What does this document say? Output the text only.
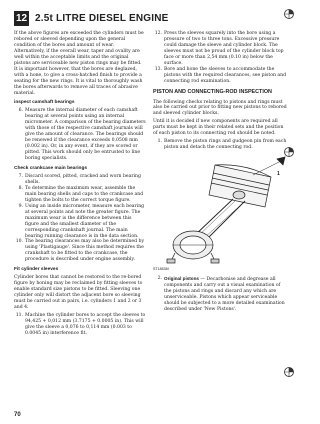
12 2.5t LITRE DIESEL ENGINE

If the above figures are exceeded the cylinders must be rebored or sleeved depending upon the general condition of the bores and amount of wear. Alternatively, if the overall wear, taper and ovality are well within the acceptable limits and the original pistons are serviceable new piston rings may be fitted. It is important however, that the bores are deglazed, with a hone, to give a cross-hatched finish to provide a seating for the new rings. It is vital to thoroughly wash the bores afterwards to remove all traces of abrasive material.

inspect camshaft bearings
6. Measure the internal diameter of each camshaft bearing at several points using an internal micrometer. A comparison of the bearing diameters with those of the respective camshaft journals will give the amount of clearance. The bearings should be renewed if the clearance exceeds 0,0508 mm (0.002 in). Or, in any event, if they are scored or pitted. This work should only be entrusted to line boring specialists.
Check crankcase main bearings
7. Discard scored, pitted, cracked and worn bearing shells.
8. To determine the maximum wear, assemble the main bearing shells and caps to the crankcase and tighten the bolts to the correct torque figure.
9. Using an inside micrometer, measure each bearing at several points and note the greater figure. The maximum wear is the difference between this figure and the smallest diameter of the corresponding crankshaft journal. The main bearing running clearance is in the data section.
10. The bearing clearances may also be determined by using 'Plastigauge'. Since this method requires the crankshaft to be fitted to the crankcase, the procedure is described under engine assembly.
Fit cylinder sleeves

Cylinder bores that cannot be restored to the re-bored figure by honing may be reclaimed by fitting sleeves to enable standard size pistons to be fitted. Sleeving one cylinder only will distort the adjacent bore so sleeving must be carried out in pairs, i.e. cylinders 1 and 2 or 3 and 4.

11. Machine the cylinder bores to accept the sleeves to 94,425 + 0,012 mm (3.7175 + 0.0005 in). This will give the sleeve a 0,076 to 0,114 mm (0.003 to 0.0045 in) interference fit.
12. Press the sleeves squarely into the bore using a pressure of two to three tons. Excessive pressure could damage the sleeve and cylinder block. The sleeves must not be proud of the cylinder block top face or more than 2,54 mm (0.10 in) below the surface.
13. Bore and hone the sleeves to accommodate the pistons with the required clearances, see piston and connecting rod examination.
PISTON AND CONNECTING-ROD INSPECTION

The following checks relating to pistons and rings must also be carried out prior to fitting new pistons to rebored and sleeved cylinder blocks.

Until it is decided if new components are required all parts must be kept in their related sets and the position of each piston to its connecting rod should be noted.

1. Remove the piston rings and gudgeon pin from each piston and detach the connecting rod.
1
ST1853M
2. Original pistons — Decarbonise and degrease all components and carry out a visual examination of the pistons and rings and discard any which are unserviceable. Pistons which appear serviceable should be subjected to a more detailed examination described under 'New Pistons'.
70
